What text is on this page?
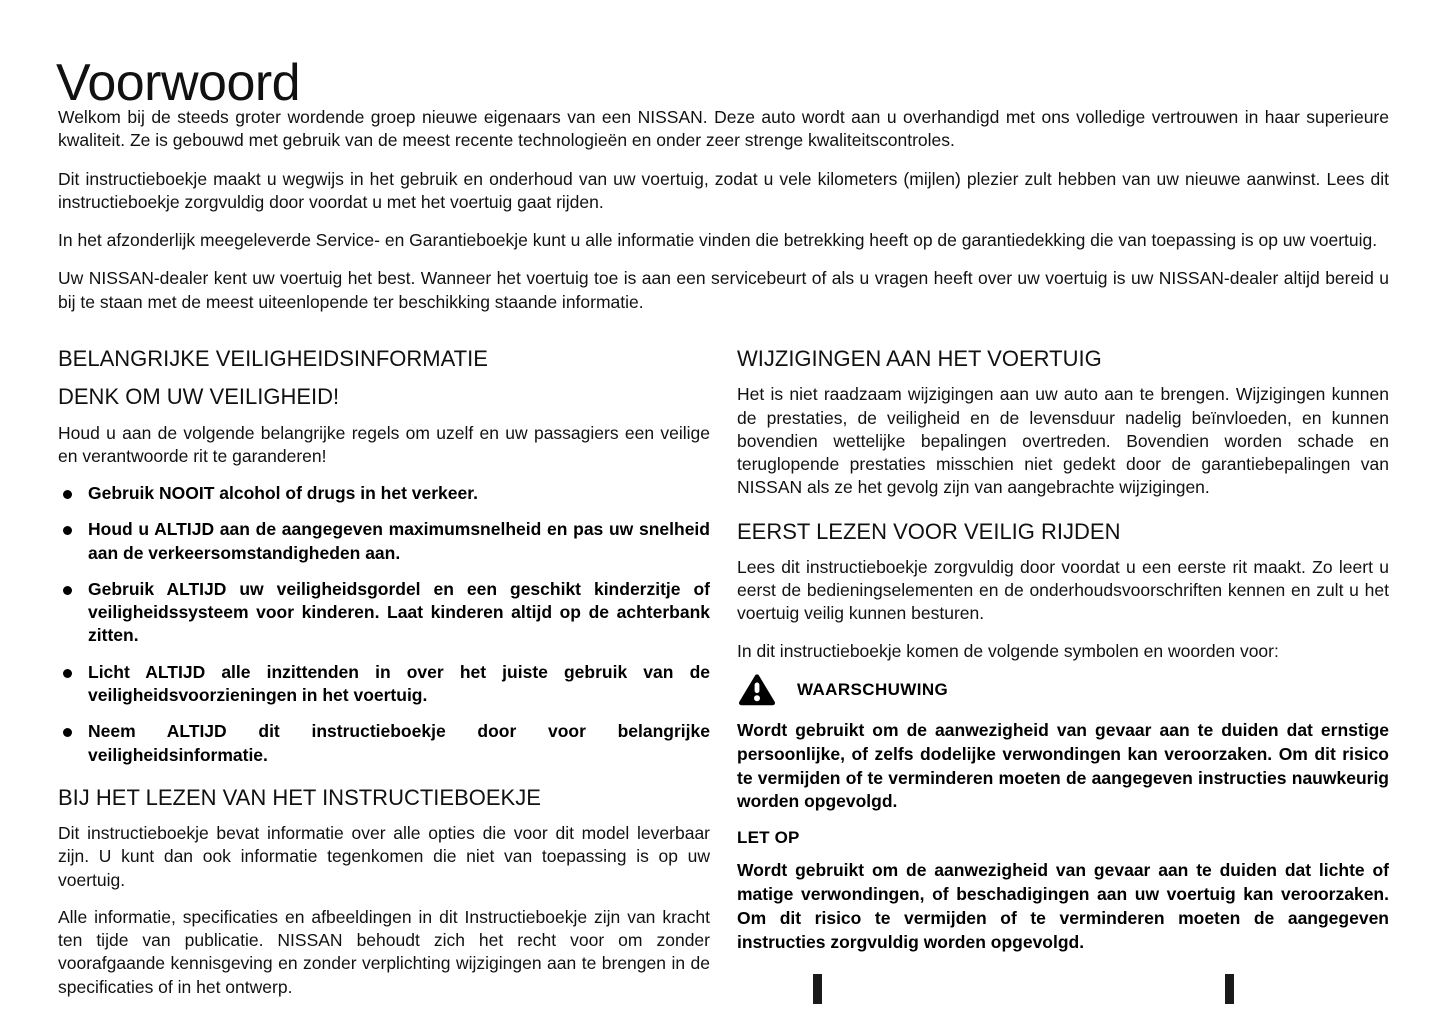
Voorwoord

Welkom bij de steeds groter wordende groep nieuwe eigenaars van een NISSAN. Deze auto wordt aan u overhandigd met ons volledige vertrouwen in haar superieure kwaliteit. Ze is gebouwd met gebruik van de meest recente technologieën en onder zeer strenge kwaliteitscontroles.

Dit instructieboekje maakt u wegwijs in het gebruik en onderhoud van uw voertuig, zodat u vele kilometers (mijlen) plezier zult hebben van uw nieuwe aanwinst. Lees dit instructieboekje zorgvuldig door voordat u met het voertuig gaat rijden.

In het afzonderlijk meegeleverde Service- en Garantieboekje kunt u alle informatie vinden die betrekking heeft op de garantiedekking die van toepassing is op uw voertuig.

Uw NISSAN-dealer kent uw voertuig het best. Wanneer het voertuig toe is aan een servicebeurt of als u vragen heeft over uw voertuig is uw NISSAN-dealer altijd bereid u bij te staan met de meest uiteenlopende ter beschikking staande informatie.

BELANGRIJKE VEILIGHEIDSINFORMATIE
DENK OM UW VEILIGHEID!

Houd u aan de volgende belangrijke regels om uzelf en uw passagiers een veilige en verantwoorde rit te garanderen!

Gebruik NOOIT alcohol of drugs in het verkeer.
Houd u ALTIJD aan de aangegeven maximumsnelheid en pas uw snelheid aan de verkeersomstandigheden aan.
Gebruik ALTIJD uw veiligheidsgordel en een geschikt kinderzitje of veiligheidssysteem voor kinderen. Laat kinderen altijd op de achterbank zitten.
Licht ALTIJD alle inzittenden in over het juiste gebruik van de veiligheidsvoorzieningen in het voertuig.
Neem ALTIJD dit instructieboekje door voor belangrijke veiligheidsinformatie.
BIJ HET LEZEN VAN HET INSTRUCTIEBOEKJE

Dit instructieboekje bevat informatie over alle opties die voor dit model leverbaar zijn. U kunt dan ook informatie tegenkomen die niet van toepassing is op uw voertuig.

Alle informatie, specificaties en afbeeldingen in dit Instructieboekje zijn van kracht ten tijde van publicatie. NISSAN behoudt zich het recht voor om zonder voorafgaande kennisgeving en zonder verplichting wijzigingen aan te brengen in de specificaties of in het ontwerp.

WIJZIGINGEN AAN HET VOERTUIG

Het is niet raadzaam wijzigingen aan uw auto aan te brengen. Wijzigingen kunnen de prestaties, de veiligheid en de levensduur nadelig beïnvloeden, en kunnen bovendien wettelijke bepalingen overtreden. Bovendien worden schade en teruglopende prestaties misschien niet gedekt door de garantiebepalingen van NISSAN als ze het gevolg zijn van aangebrachte wijzigingen.

EERST LEZEN VOOR VEILIG RIJDEN

Lees dit instructieboekje zorgvuldig door voordat u een eerste rit maakt. Zo leert u eerst de bedieningselementen en de onderhoudsvoorschriften kennen en zult u het voertuig veilig kunnen besturen.

In dit instructieboekje komen de volgende symbolen en woorden voor:

WAARSCHUWING

Wordt gebruikt om de aanwezigheid van gevaar aan te duiden dat ernstige persoonlijke, of zelfs dodelijke verwondingen kan veroorzaken. Om dit risico te vermijden of te verminderen moeten de aangegeven instructies nauwkeurig worden opgevolgd.

LET OP

Wordt gebruikt om de aanwezigheid van gevaar aan te duiden dat lichte of matige verwondingen, of beschadigingen aan uw voertuig kan veroorzaken. Om dit risico te vermijden of te verminderen moeten de aangegeven instructies zorgvuldig worden opgevolgd.
